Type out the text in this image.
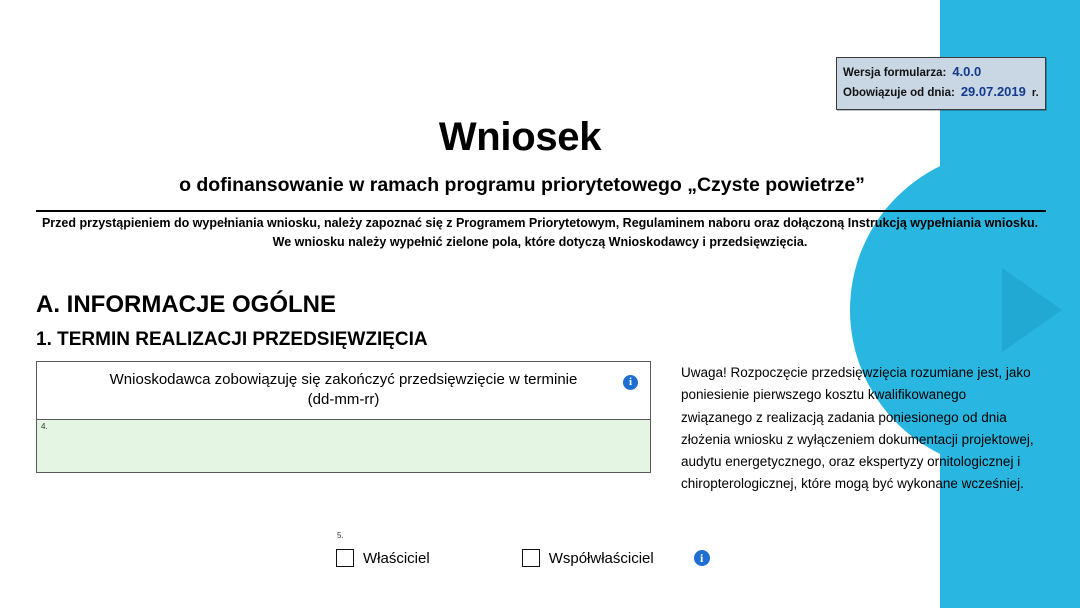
Wersja formularza: 4.0.0
Obowiązuje od dnia: 29.07.2019 r.
Wniosek
o dofinansowanie w ramach programu priorytetowego „Czyste powietrze”
Przed przystąpieniem do wypełniania wniosku, należy zapoznać się z Programem Priorytetowym, Regulaminem naboru oraz dołączoną Instrukcją wypełniania wniosku.
We wniosku należy wypełnić zielone pola, które dotyczą Wnioskodawcy i przedsięwzięcia.
A. INFORMACJE OGÓLNE
1. TERMIN REALIZACJI PRZEDSIĘWZIĘCIA
Wnioskodawca zobowiązuję się zakończyć przedsięwzięcie w terminie
(dd-mm-rr)
i
4.
Uwaga! Rozpoczęcie przedsięwzięcia rozumiane jest, jako poniesienie pierwszego kosztu kwalifikowanego związanego z realizacją zadania poniesionego od dnia złożenia wniosku z wyłączeniem dokumentacji projektowej, audytu energetycznego, oraz ekspertyzy ornitologicznej i chiropterologicznej, które mogą być wykonane wcześniej.
5.
Właściciel	Współwłaściciel	i
